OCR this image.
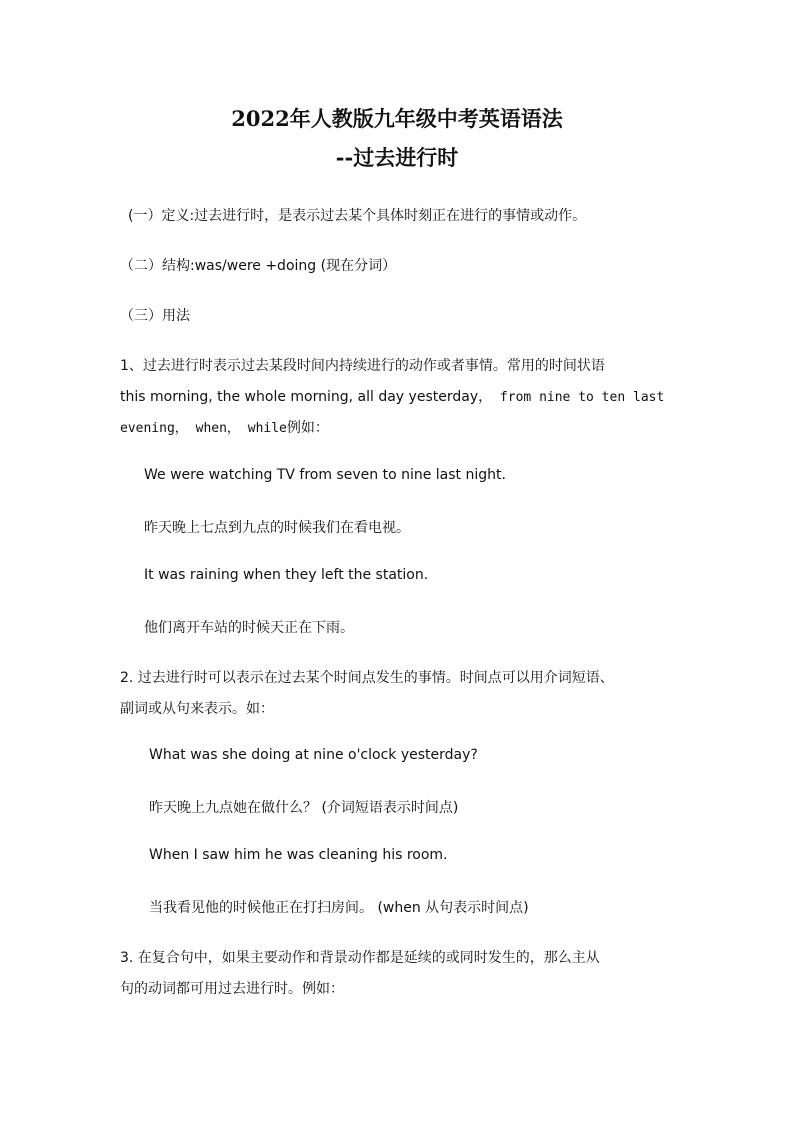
2022年人教版九年级中考英语语法
--过去进行时
(一）定义:过去进行时，是表示过去某个具体时刻正在进行的事情或动作。
（二）结构:was/were +doing (现在分词）
（三）用法
1、过去进行时表示过去某段时间内持续进行的动作或者事情。常用的时间状语
this morning, the whole morning, all day yesterday， from nine to ten last
evening， when， while例如：
We were watching TV from seven to nine last night.
昨天晚上七点到九点的时候我们在看电视。
It was raining when they left the station.
他们离开车站的时候天正在下雨。
2. 过去进行时可以表示在过去某个时间点发生的事情。时间点可以用介词短语、
副词或从句来表示。如：
What was she doing at nine o'clock yesterday?
昨天晚上九点她在做什么？ (介词短语表示时间点)
When I saw him he was cleaning his room.
当我看见他的时候他正在打扫房间。 (when 从句表示时间点)
3. 在复合句中，如果主要动作和背景动作都是延续的或同时发生的，那么主从
句的动词都可用过去进行时。例如：
